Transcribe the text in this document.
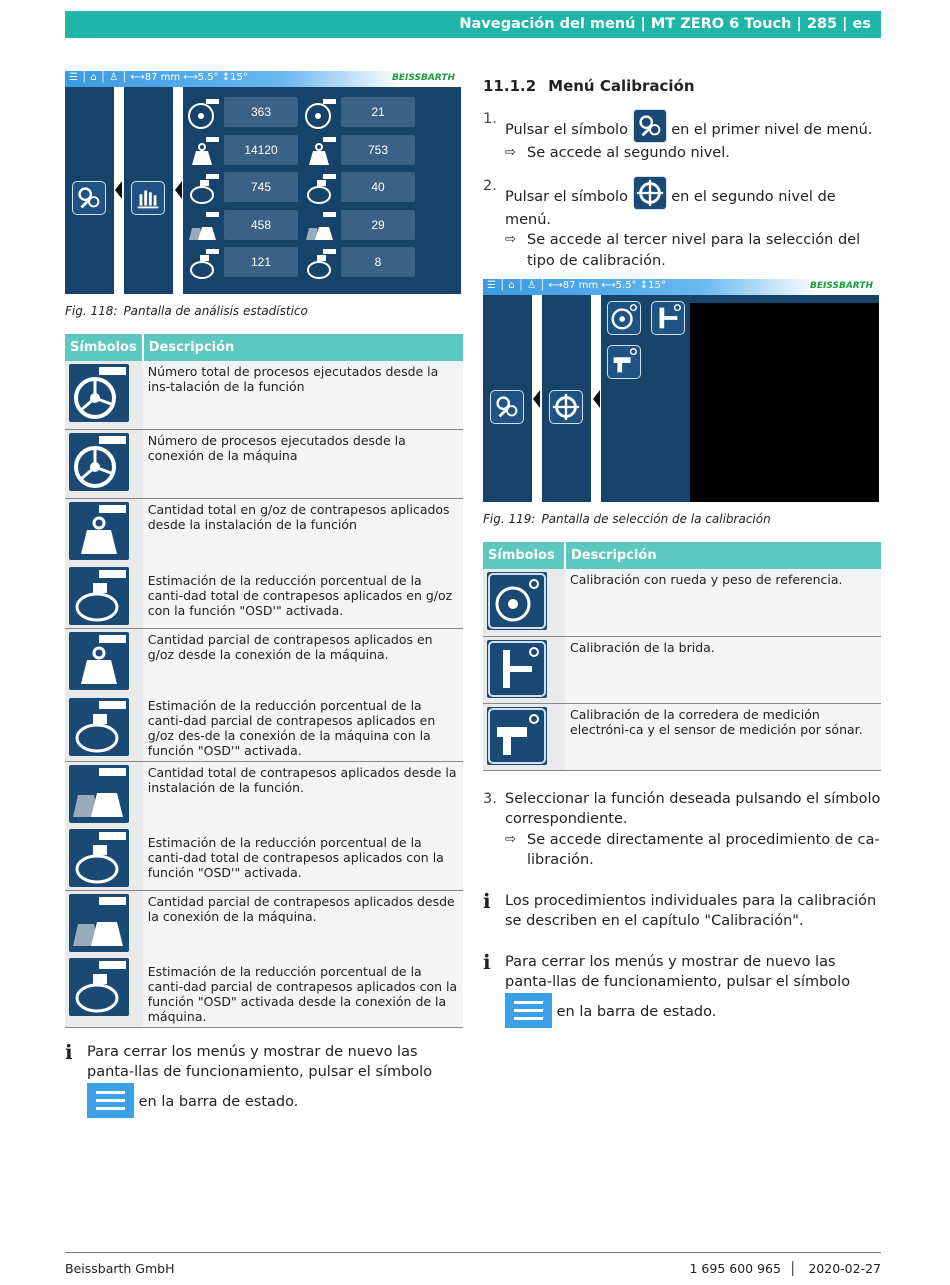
Navegación del menú | MT ZERO 6 Touch | 285 | es
☰ │ ⌂ │ ♙ │ ⟷87 mm ⟷5.5° ↕15°	BEISSBARTH
363	21
14120	753
745	40
458	29
121	8
Fig. 118: Pantalla de análisis estadístico
Símbolos	Descripción

	Número total de procesos ejecutados desde la ins-talación de la función

	Número de procesos ejecutados desde la conexión de la máquina

	Cantidad total en g/oz de contrapesos aplicados desde la instalación de la función

	Estimación de la reducción porcentual de la canti-dad total de contrapesos aplicados en g/oz con la función "OSD'" activada.

	Cantidad parcial de contrapesos aplicados en g/oz desde la conexión de la máquina.

	Estimación de la reducción porcentual de la canti-dad parcial de contrapesos aplicados en g/oz des-de la conexión de la máquina con la función "OSD'" activada.

	Cantidad total de contrapesos aplicados desde la instalación de la función.

	Estimación de la reducción porcentual de la canti-dad total de contrapesos aplicados con la función "OSD'" activada.

	Cantidad parcial de contrapesos aplicados desde la conexión de la máquina.

	Estimación de la reducción porcentual de la canti-dad parcial de contrapesos aplicados con la función "OSD" activada desde la conexión de la máquina.

ℹ Para cerrar los menús y mostrar de nuevo las panta-llas de funcionamiento, pulsar el símbolo
en la barra de estado.
11.1.2 Menú Calibración
1.
Pulsar el símbolo	en el primer nivel de menú.
⇨ Se accede al segundo nivel.
2.
Pulsar el símbolo	en el segundo nivel de menú.
⇨ Se accede al tercer nivel para la selección del tipo de calibración.
☰ │ ⌂ │ ♙ │ ⟷87 mm ⟷5.5° ↕15°	BEISSBARTH
Fig. 119: Pantalla de selección de la calibración
Símbolos	Descripción

	Calibración con rueda y peso de referencia.

	Calibración de la brida.

	Calibración de la corredera de medición electróni-ca y el sensor de medición por sónar.
3. Seleccionar la función deseada pulsando el símbolo correspondiente.
⇨ Se accede directamente al procedimiento de ca-libración.
ℹ Los procedimientos individuales para la calibración se describen en el capítulo "Calibración".
ℹ Para cerrar los menús y mostrar de nuevo las panta-llas de funcionamiento, pulsar el símbolo
en la barra de estado.
Beissbarth GmbH	1 695 600 965  │   2020-02-27
